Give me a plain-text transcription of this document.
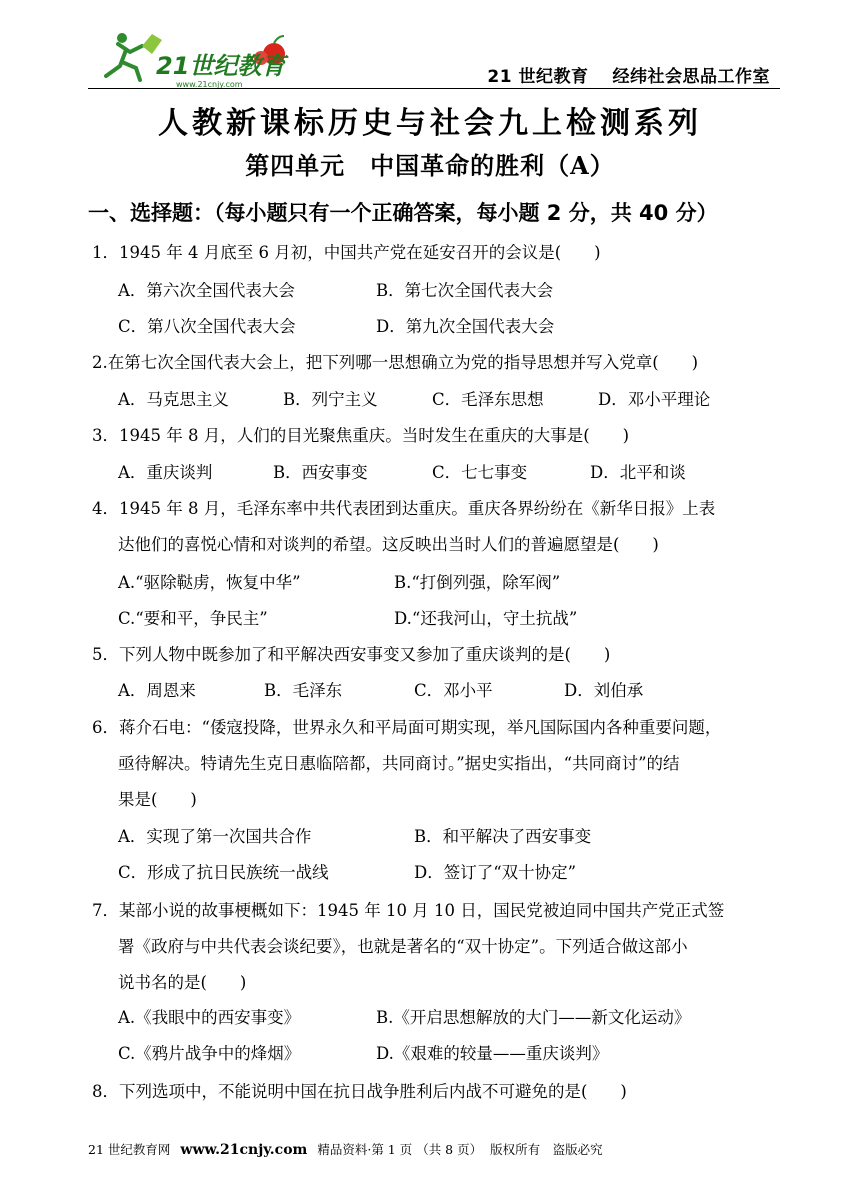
21世纪教育
www.21cnjy.com	21 世纪教育 经纬社会思品工作室
人教新课标历史与社会九上检测系列
第四单元　中国革命的胜利（A）
一、选择题：（每小题只有一个正确答案，每小题 2 分，共 40 分）
1．1945 年 4 月底至 6 月初，中国共产党在延安召开的会议是(　　)
A．第六次全国代表大会	B．第七次全国代表大会
C．第八次全国代表大会	D．第九次全国代表大会
2.在第七次全国代表大会上，把下列哪一思想确立为党的指导思想并写入党章(　　)
A．马克思主义	B．列宁主义	C．毛泽东思想	D．邓小平理论
3．1945 年 8 月，人们的目光聚焦重庆。当时发生在重庆的大事是(　　)
A．重庆谈判	B．西安事变	C．七七事变	D．北平和谈
4．1945 年 8 月，毛泽东率中共代表团到达重庆。重庆各界纷纷在《新华日报》上表
达他们的喜悦心情和对谈判的希望。这反映出当时人们的普遍愿望是(　　)
A.“驱除鞑虏，恢复中华”	B.“打倒列强，除军阀”
C.“要和平，争民主”	D.“还我河山，守土抗战”
5．下列人物中既参加了和平解决西安事变又参加了重庆谈判的是(　　)
A．周恩来	B．毛泽东	C．邓小平	D．刘伯承
6．蒋介石电：“倭寇投降，世界永久和平局面可期实现，举凡国际国内各种重要问题，
亟待解决。特请先生克日惠临陪都，共同商讨。”据史实指出，“共同商讨”的结
果是(　　)
A．实现了第一次国共合作	B．和平解决了西安事变
C．形成了抗日民族统一战线	D．签订了“双十协定”
7．某部小说的故事梗概如下：1945 年 10 月 10 日，国民党被迫同中国共产党正式签
署《政府与中共代表会谈纪要》，也就是著名的“双十协定”。下列适合做这部小
说书名的是(　　)
A.《我眼中的西安事变》	B.《开启思想解放的大门——新文化运动》
C.《鸦片战争中的烽烟》	D.《艰难的较量——重庆谈判》
8．下列选项中，不能说明中国在抗日战争胜利后内战不可避免的是(　　)
21 世纪教育网 www.21cnjy.com 精品资料·第 1 页 （共 8 页） 版权所有　盗版必究
